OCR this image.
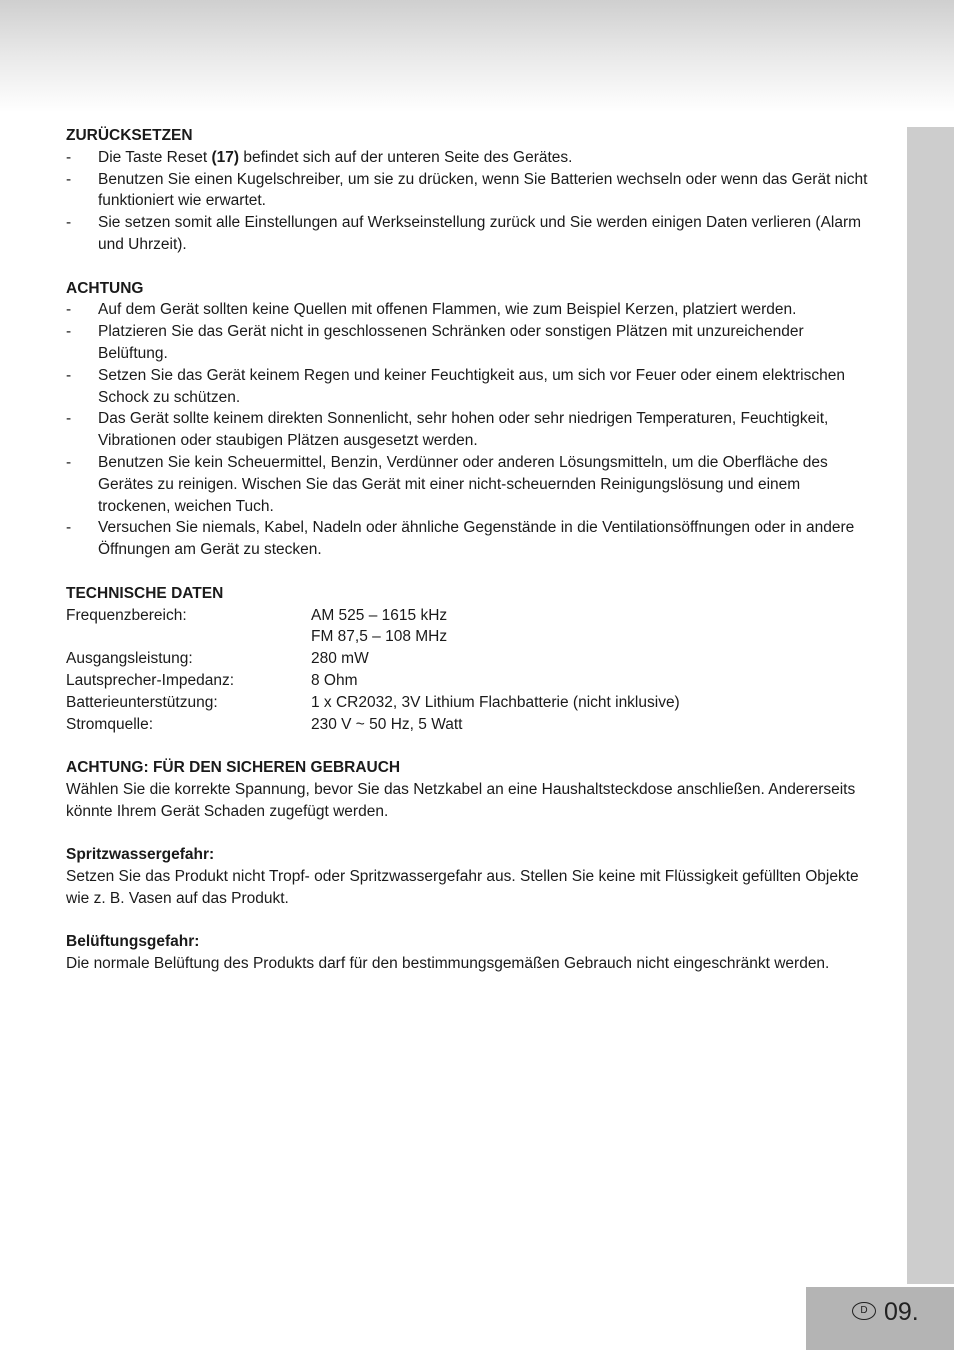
ZURÜCKSETZEN
- Die Taste Reset (17) befindet sich auf der unteren Seite des Gerätes.
- Benutzen Sie einen Kugelschreiber, um sie zu drücken, wenn Sie Batterien wechseln oder wenn das Gerät nicht funktioniert wie erwartet.
- Sie setzen somit alle Einstellungen auf Werkseinstellung zurück und Sie werden einigen Daten verlieren (Alarm und Uhrzeit).
ACHTUNG
- Auf dem Gerät sollten keine Quellen mit offenen Flammen, wie zum Beispiel Kerzen, platziert werden.
- Platzieren Sie das Gerät nicht in geschlossenen Schränken oder sonstigen Plätzen mit unzureichender Belüftung.
- Setzen Sie das Gerät keinem Regen und keiner Feuchtigkeit aus, um sich vor Feuer oder einem elektrischen Schock zu schützen.
- Das Gerät sollte keinem direkten Sonnenlicht, sehr hohen oder sehr niedrigen Temperaturen, Feuchtigkeit, Vibrationen oder staubigen Plätzen ausgesetzt werden.
- Benutzen Sie kein Scheuermittel, Benzin, Verdünner oder anderen Lösungsmitteln, um die Oberfläche des Gerätes zu reinigen. Wischen Sie das Gerät mit einer nicht-scheuernden Reinigungslösung und einem trockenen, weichen Tuch.
- Versuchen Sie niemals, Kabel, Nadeln oder ähnliche Gegenstände in die Ventilationsöffnungen oder in andere Öffnungen am Gerät zu stecken.
TECHNISCHE DATEN
Frequenzbereich:	AM 525 – 1615 kHz
FM 87,5 – 108 MHz
Ausgangsleistung:	280 mW
Lautsprecher-Impedanz:	8 Ohm
Batterieunterstützung:	1 x CR2032, 3V Lithium Flachbatterie (nicht inklusive)
Stromquelle:	230 V ~ 50 Hz, 5 Watt
ACHTUNG: FÜR DEN SICHEREN GEBRAUCH
Wählen Sie die korrekte Spannung, bevor Sie das Netzkabel an eine Haushaltsteckdose anschließen. Andererseits könnte Ihrem Gerät Schaden zugefügt werden.
Spritzwassergefahr:
Setzen Sie das Produkt nicht Tropf- oder Spritzwassergefahr aus. Stellen Sie keine mit Flüssigkeit gefüllten Objekte wie z. B. Vasen auf das Produkt.
Belüftungsgefahr:
Die normale Belüftung des Produkts darf für den bestimmungsgemäßen Gebrauch nicht eingeschränkt werden.
D 09.
